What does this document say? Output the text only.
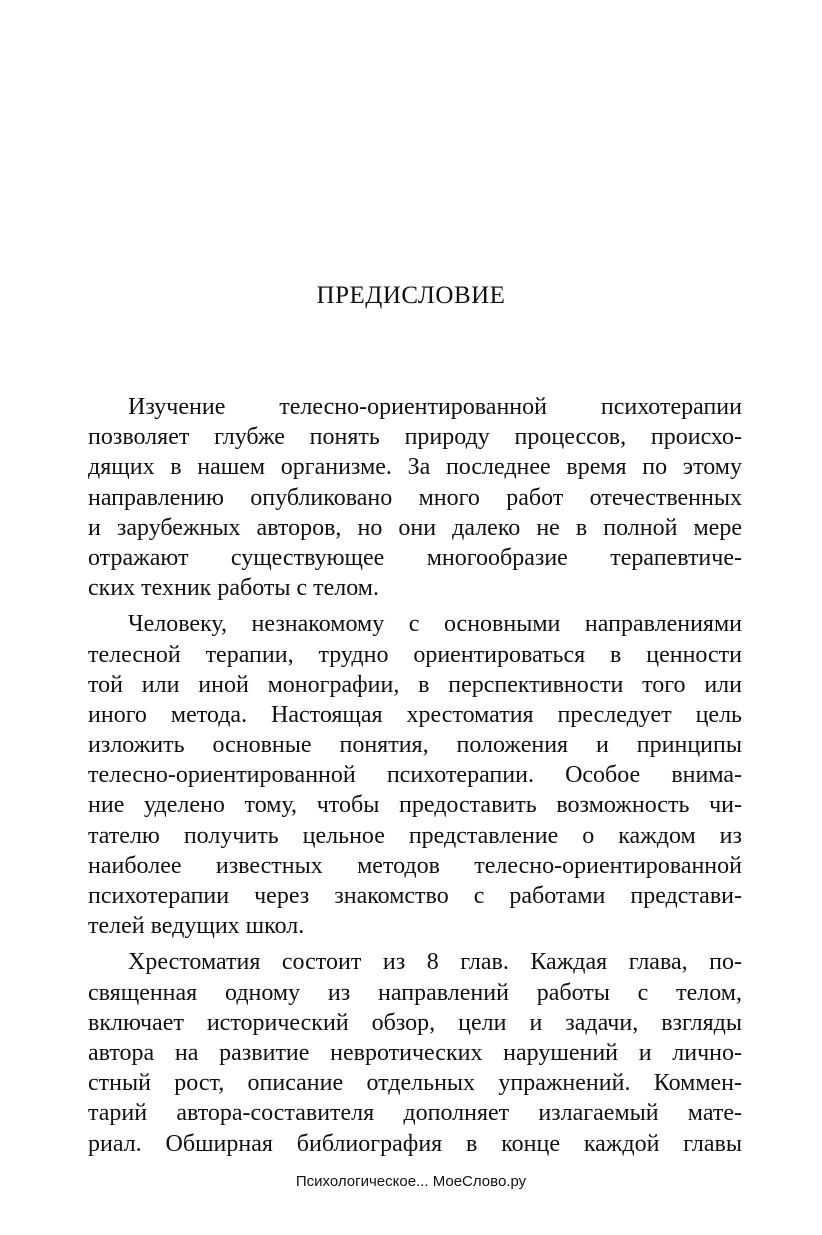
ПРЕДИСЛОВИЕ
Изучение телесно-ориентированной психотерапии
позволяет глубже понять природу процессов, происхо-
дящих в нашем организме. За последнее время по этому
направлению опубликовано много работ отечественных
и зарубежных авторов, но они далеко не в полной мере
отражают существующее многообразие терапевтиче-
ских техник работы с телом.
Человеку, незнакомому с основными направлениями
телесной терапии, трудно ориентироваться в ценности
той или иной монографии, в перспективности того или
иного метода. Настоящая хрестоматия преследует цель
изложить основные понятия, положения и принципы
телесно-ориентированной психотерапии. Особое внима-
ние уделено тому, чтобы предоставить возможность чи-
тателю получить цельное представление о каждом из
наиболее известных методов телесно-ориентированной
психотерапии через знакомство с работами представи-
телей ведущих школ.
Хрестоматия состоит из 8 глав. Каждая глава, по-
священная одному из направлений работы с телом,
включает исторический обзор, цели и задачи, взгляды
автора на развитие невротических нарушений и лично-
стный рост, описание отдельных упражнений. Коммен-
тарий автора-составителя дополняет излагаемый мате-
риал. Обширная библиография в конце каждой главы
Психологическое... МоеСлово.ру
